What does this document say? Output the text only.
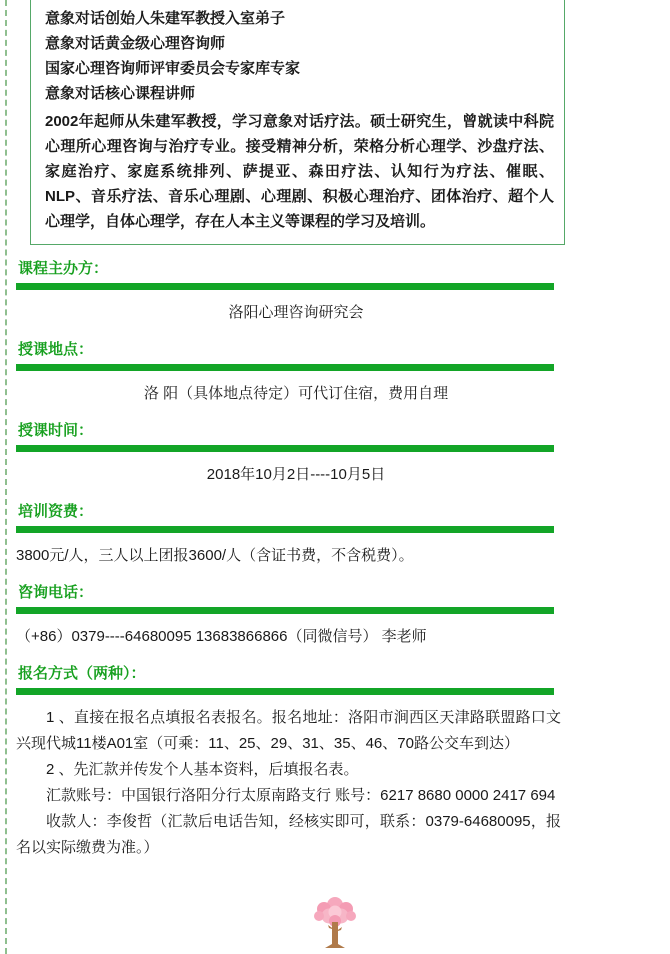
意象对话创始人朱建军教授入室弟子
意象对话黄金级心理咨询师
国家心理咨询师评审委员会专家库专家
意象对话核心课程讲师
2002年起师从朱建军教授，学习意象对话疗法。硕士研究生，曾就读中科院心理所心理咨询与治疗专业。接受精神分析，荣格分析心理学、沙盘疗法、家庭治疗、家庭系统排列、萨提亚、森田疗法、认知行为疗法、催眠、NLP、音乐疗法、音乐心理剧、心理剧、积极心理治疗、团体治疗、超个人心理学，自体心理学，存在人本主义等课程的学习及培训。
课程主办方：

洛阳心理咨询研究会

授课地点：

洛 阳（具体地点待定）可代订住宿，费用自理

授课时间：

2018年10月2日----10月5日

培训资费：

3800元/人，三人以上团报3600/人（含证书费，不含税费）。

咨询电话：

（+86）0379----64680095 13683866866（同微信号） 李老师

报名方式（两种）：

1 、直接在报名点填报名表报名。报名地址：洛阳市涧西区天津路联盟路口文兴现代城11楼A01室（可乘：11、25、29、31、35、46、70路公交车到达）

2 、先汇款并传发个人基本资料，后填报名表。

汇款账号：中国银行洛阳分行太原南路支行 账号：6217 8680 0000 2417 694

收款人：李俊哲（汇款后电话告知，经核实即可，联系：0379-64680095，报名以实际缴费为准。）
